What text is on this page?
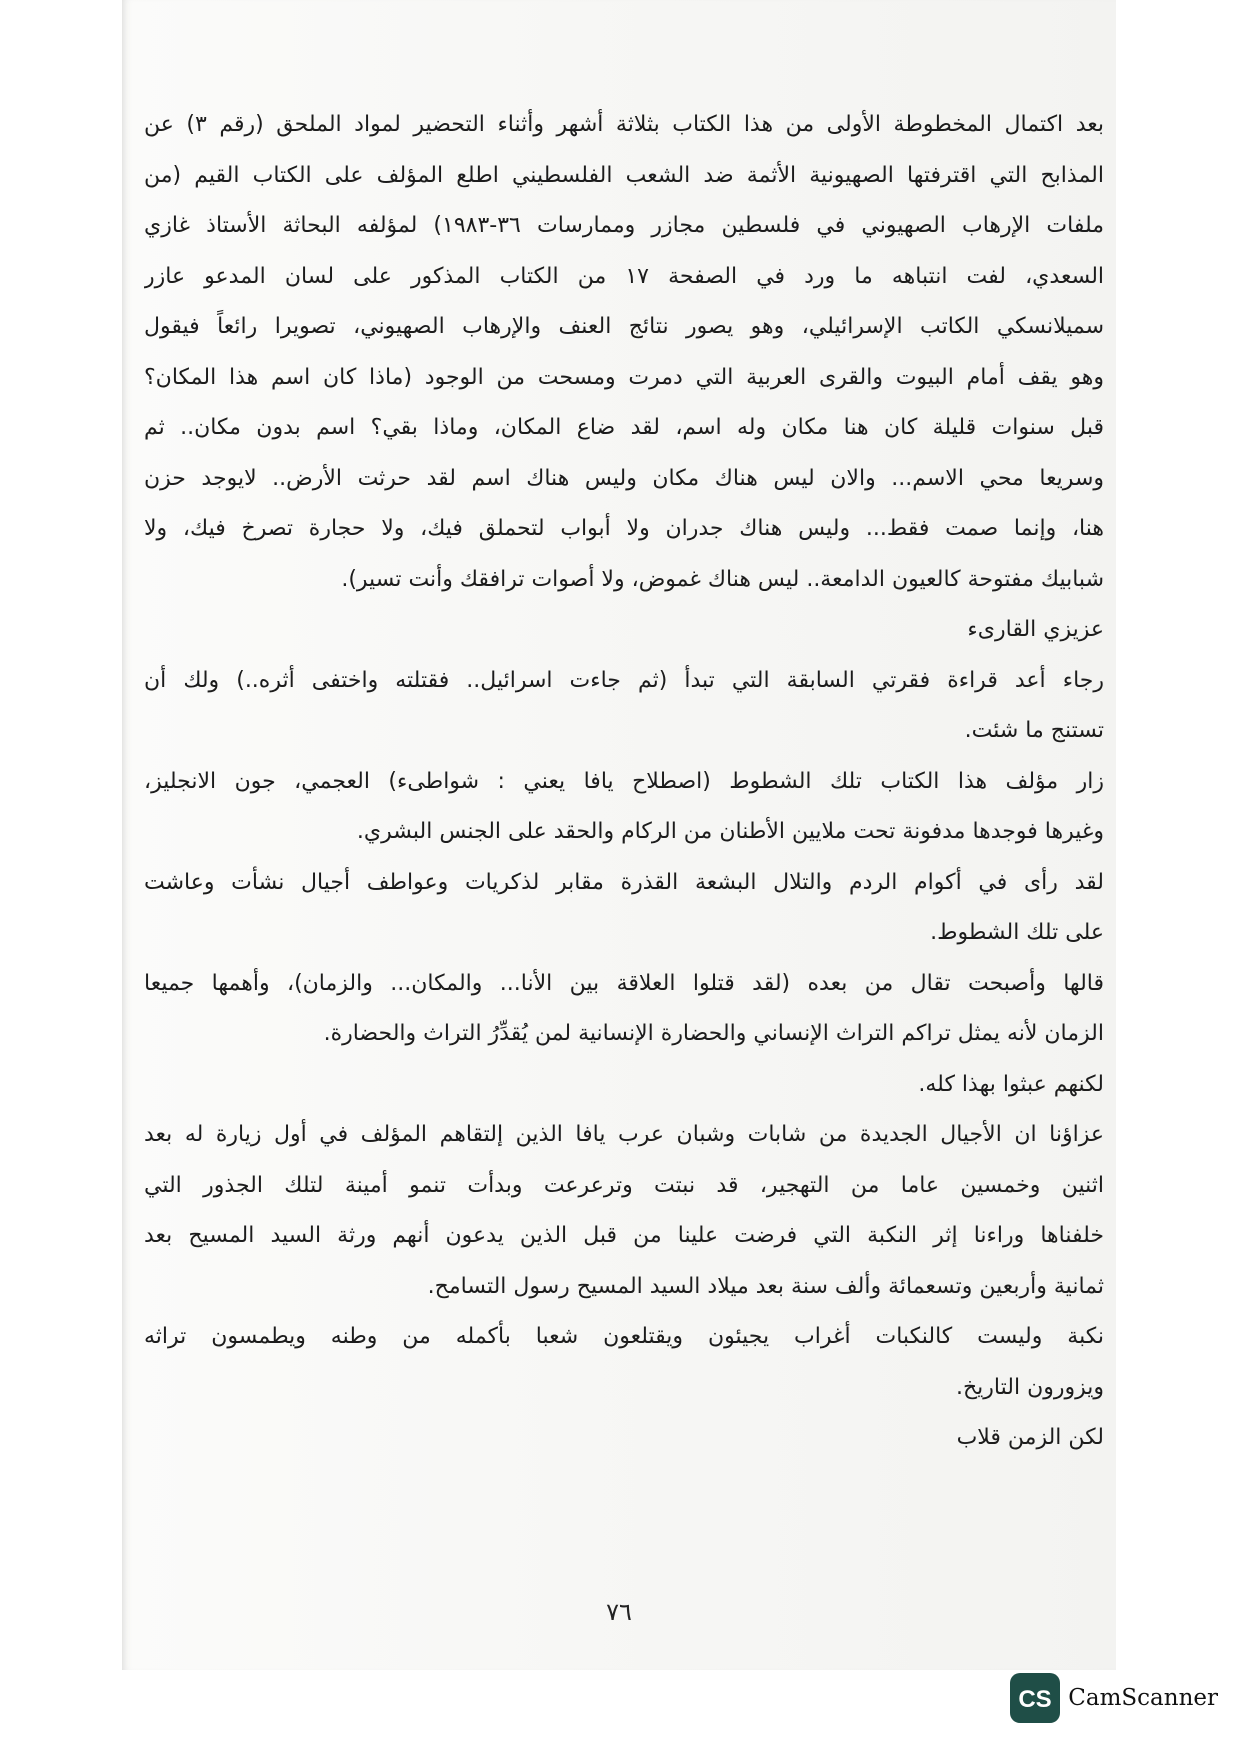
بعد اكتمال المخطوطة الأولى من هذا الكتاب بثلاثة أشهر وأثناء التحضير لمواد الملحق (رقم ٣) عن
المذابح التي اقترفتها الصهيونية الأثمة ضد الشعب الفلسطيني اطلع المؤلف على الكتاب القيم (من
ملفات الإرهاب الصهيوني في فلسطين مجازر وممارسات ٣٦-١٩٨٣) لمؤلفه البحاثة الأستاذ غازي
السعدي، لفت انتباهه ما ورد في الصفحة ١٧ من الكتاب المذكور على لسان المدعو عازر
سميلانسكي الكاتب الإسرائيلي، وهو يصور نتائج العنف والإرهاب الصهيوني، تصويرا رائعاً فيقول
وهو يقف أمام البيوت والقرى العربية التي دمرت ومسحت من الوجود (ماذا كان اسم هذا المكان؟
قبل سنوات قليلة كان هنا مكان وله اسم، لقد ضاع المكان، وماذا بقي؟ اسم بدون مكان.. ثم
وسريعا محي الاسم... والان ليس هناك مكان وليس هناك اسم لقد حرثت الأرض.. لايوجد حزن
هنا، وإنما صمت فقط... وليس هناك جدران ولا أبواب لتحملق فيك، ولا حجارة تصرخ فيك، ولا
شبابيك مفتوحة كالعيون الدامعة.. ليس هناك غموض، ولا أصوات ترافقك وأنت تسير).
عزيزي القارىء
رجاء أعد قراءة فقرتي السابقة التي تبدأ (ثم جاءت اسرائيل.. فقتلته واختفى أثره..) ولك أن
تستنج ما شئت.
زار مؤلف هذا الكتاب تلك الشطوط (اصطلاح يافا يعني : شواطىء) العجمي، جون الانجليز،
وغيرها فوجدها مدفونة تحت ملايين الأطنان من الركام والحقد على الجنس البشري.
لقد رأى في أكوام الردم والتلال البشعة القذرة مقابر لذكريات وعواطف أجيال نشأت وعاشت
على تلك الشطوط.
قالها وأصبحت تقال من بعده (لقد قتلوا العلاقة بين الأنا... والمكان... والزمان)، وأهمها جميعا
الزمان لأنه يمثل تراكم التراث الإنساني والحضارة الإنسانية لمن يُقدِّرُ التراث والحضارة.
لكنهم عبثوا بهذا كله.
عزاؤنا ان الأجيال الجديدة من شابات وشبان عرب يافا الذين إلتقاهم المؤلف في أول زيارة له بعد
اثنين وخمسين عاما من التهجير، قد نبتت وترعرعت وبدأت تنمو أمينة لتلك الجذور التي
خلفناها وراءنا إثر النكبة التي فرضت علينا من قبل الذين يدعون أنهم ورثة السيد المسيح بعد
ثمانية وأربعين وتسعمائة وألف سنة بعد ميلاد السيد المسيح رسول التسامح.
نكبة وليست كالنكبات أغراب يجيئون ويقتلعون شعبا بأكمله من وطنه ويطمسون تراثه
ويزورون التاريخ.
لكن الزمن قلاب
٧٦
CS CamScanner
